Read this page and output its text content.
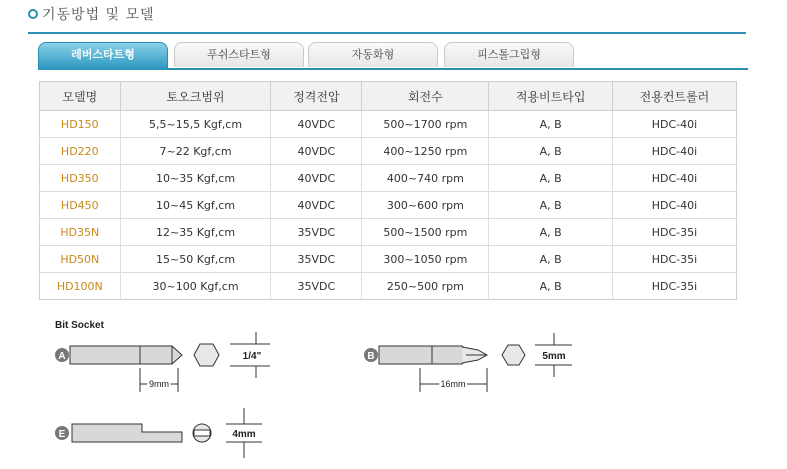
기동방법 및 모델
레버스타트형	푸쉬스타트형	자동화형	피스톨그립형
모델명	토오크범위	정격전압	회전수	적용비트타입	전용컨트롤러
HD150	5,5~15,5 Kgf,cm	40VDC	500~1700 rpm	A, B	HDC-40i
HD220	7~22 Kgf,cm	40VDC	400~1250 rpm	A, B	HDC-40i
HD350	10~35 Kgf,cm	40VDC	400~740 rpm	A, B	HDC-40i
HD450	10~45 Kgf,cm	40VDC	300~600 rpm	A, B	HDC-40i
HD35N	12~35 Kgf,cm	35VDC	500~1500 rpm	A, B	HDC-35i
HD50N	15~50 Kgf,cm	35VDC	300~1050 rpm	A, B	HDC-35i
HD100N	30~100 Kgf,cm	35VDC	250~500 rpm	A, B	HDC-35i
Bit Socket
A
9mm
1/4"	B
16mm
5mm
E	4mm
